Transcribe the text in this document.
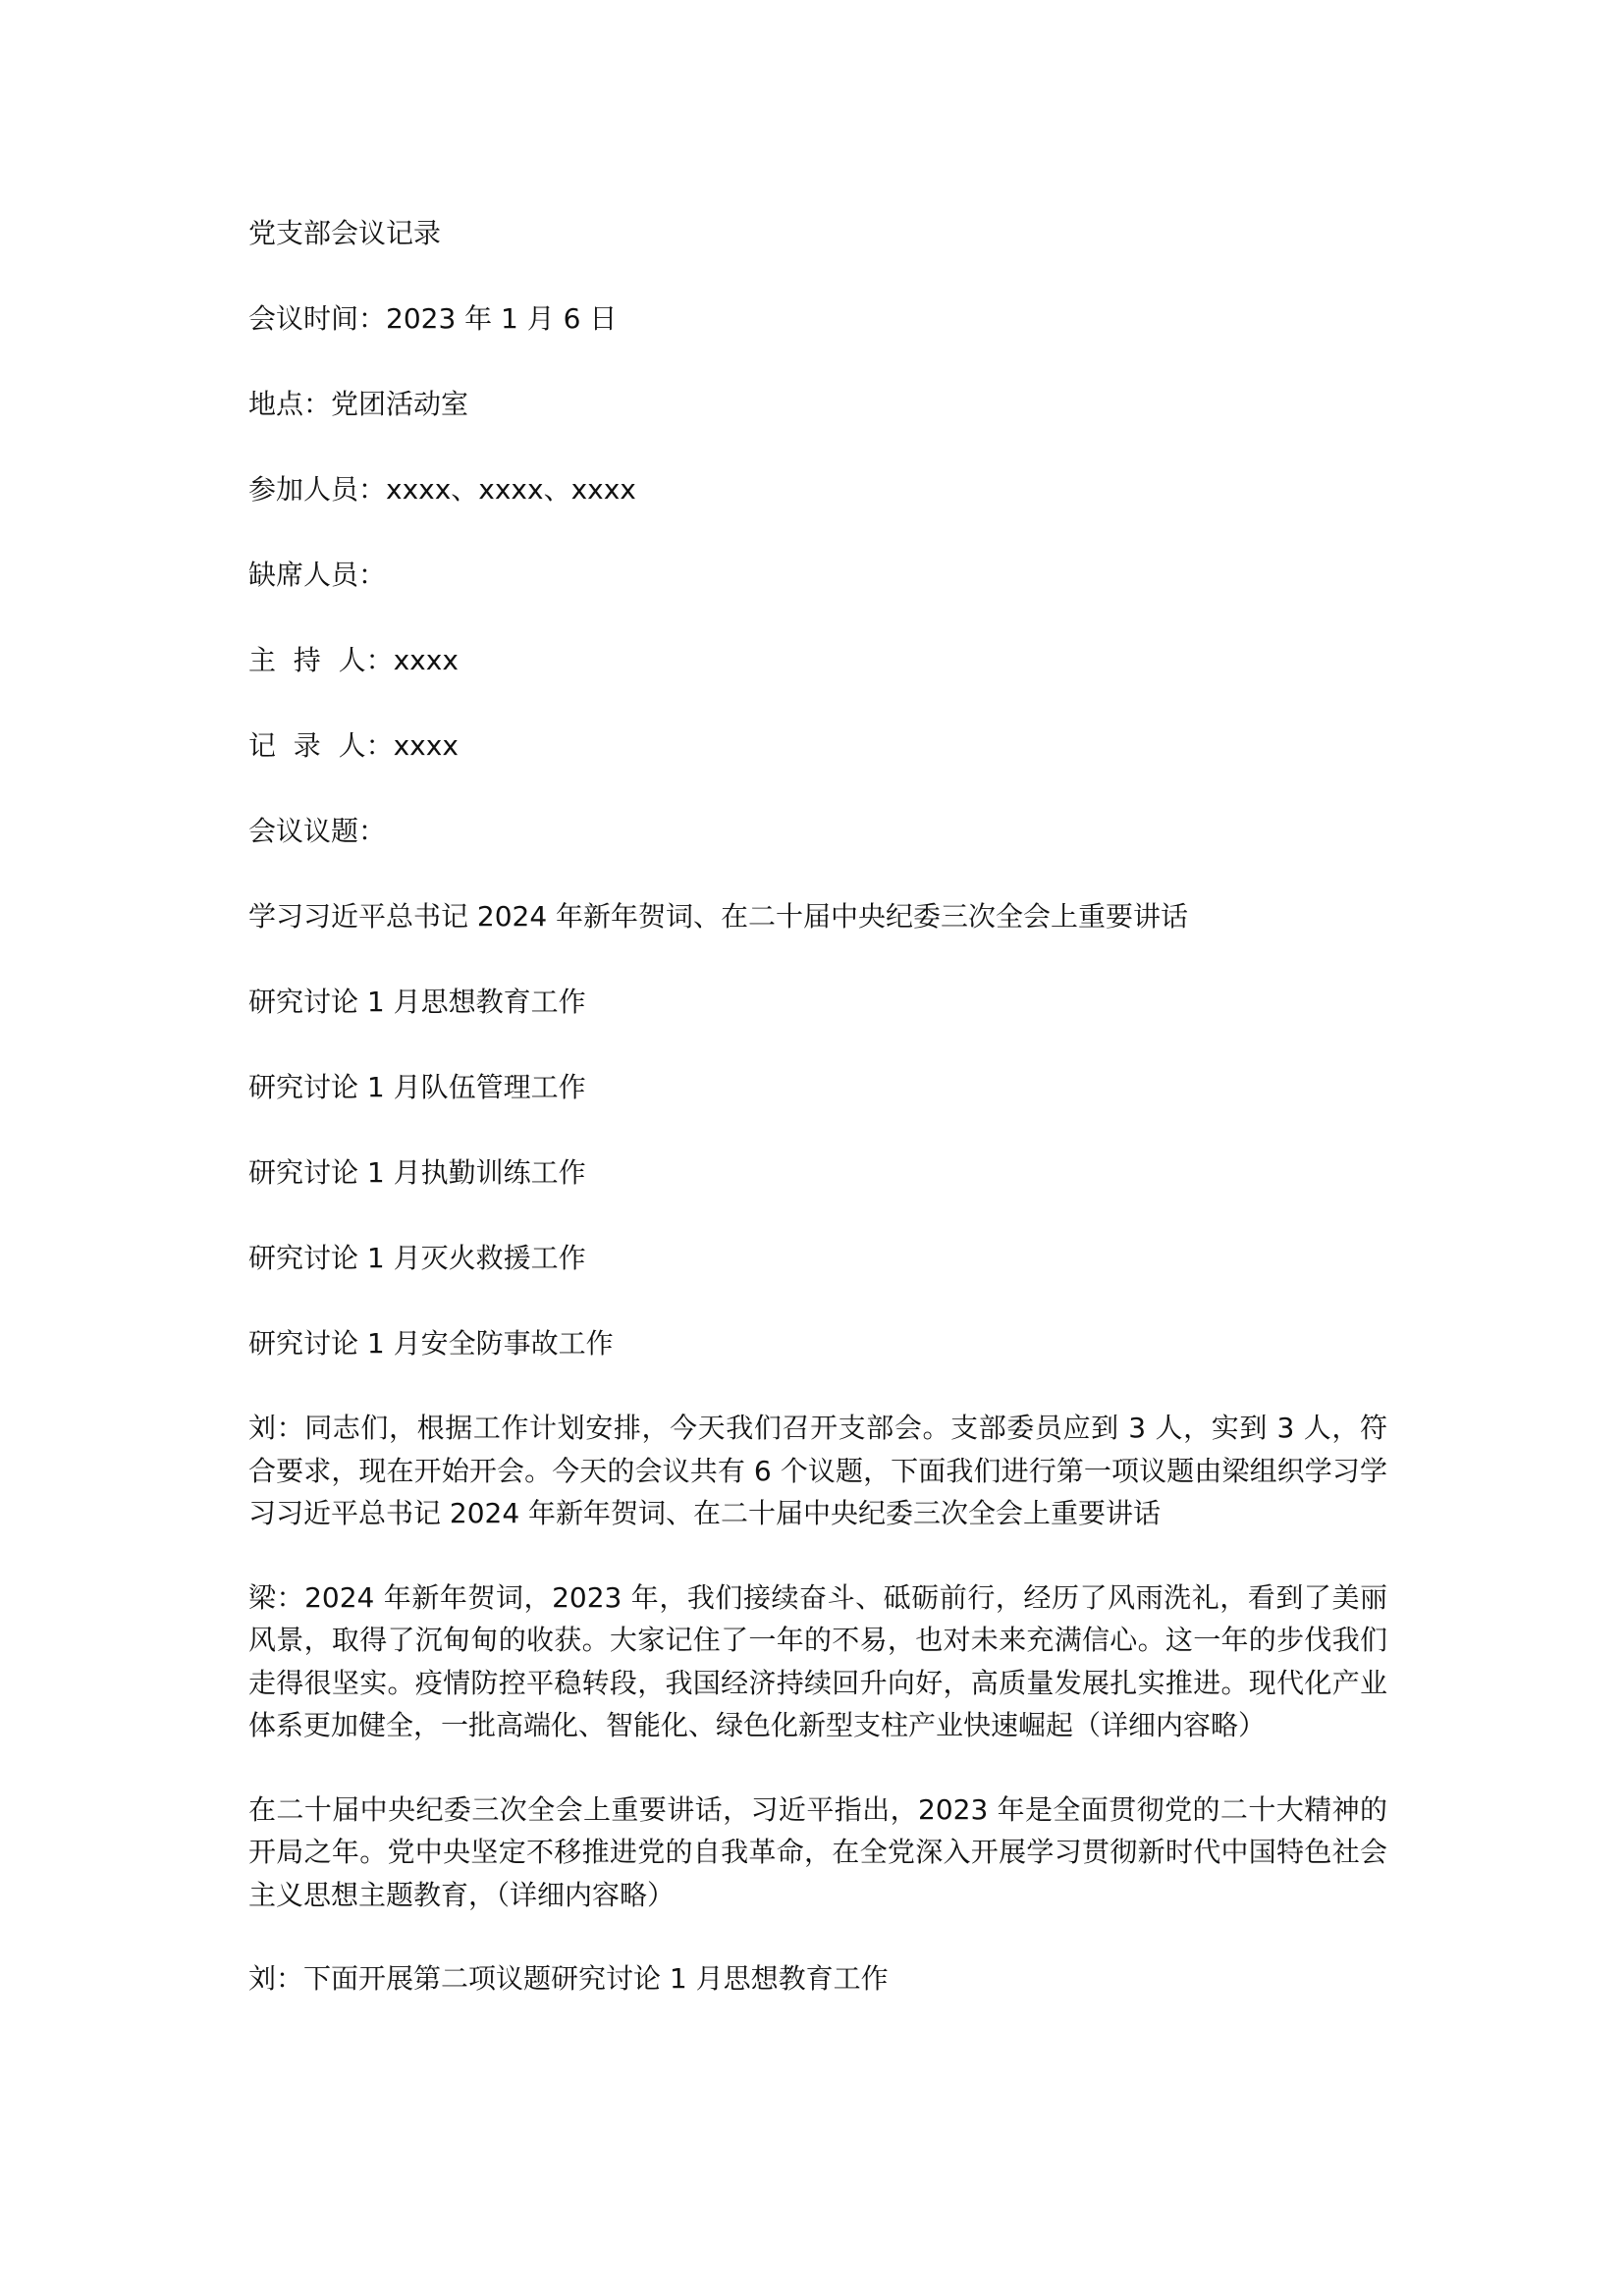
党支部会议记录
会议时间：2023 年 1 月 6 日
地点：党团活动室
参加人员：xxxx、xxxx、xxxx
缺席人员：
主  持  人：xxxx
记  录  人：xxxx
会议议题：
学习习近平总书记 2024 年新年贺词、在二十届中央纪委三次全会上重要讲话
研究讨论 1 月思想教育工作
研究讨论 1 月队伍管理工作
研究讨论 1 月执勤训练工作
研究讨论 1 月灭火救援工作
研究讨论 1 月安全防事故工作

刘：同志们，根据工作计划安排，今天我们召开支部会。支部委员应到 3 人，实到 3 人，符合要求，现在开始开会。今天的会议共有 6 个议题，下面我们进行第一项议题由梁组织学习学习习近平总书记 2024 年新年贺词、在二十届中央纪委三次全会上重要讲话

梁：2024 年新年贺词，2023 年，我们接续奋斗、砥砺前行，经历了风雨洗礼，看到了美丽风景，取得了沉甸甸的收获。大家记住了一年的不易，也对未来充满信心。这一年的步伐我们走得很坚实。疫情防控平稳转段，我国经济持续回升向好，高质量发展扎实推进。现代化产业体系更加健全，一批高端化、智能化、绿色化新型支柱产业快速崛起（详细内容略）

在二十届中央纪委三次全会上重要讲话，习近平指出，2023 年是全面贯彻党的二十大精神的开局之年。党中央坚定不移推进党的自我革命，在全党深入开展学习贯彻新时代中国特色社会主义思想主题教育，（详细内容略）

刘：下面开展第二项议题研究讨论 1 月思想教育工作
